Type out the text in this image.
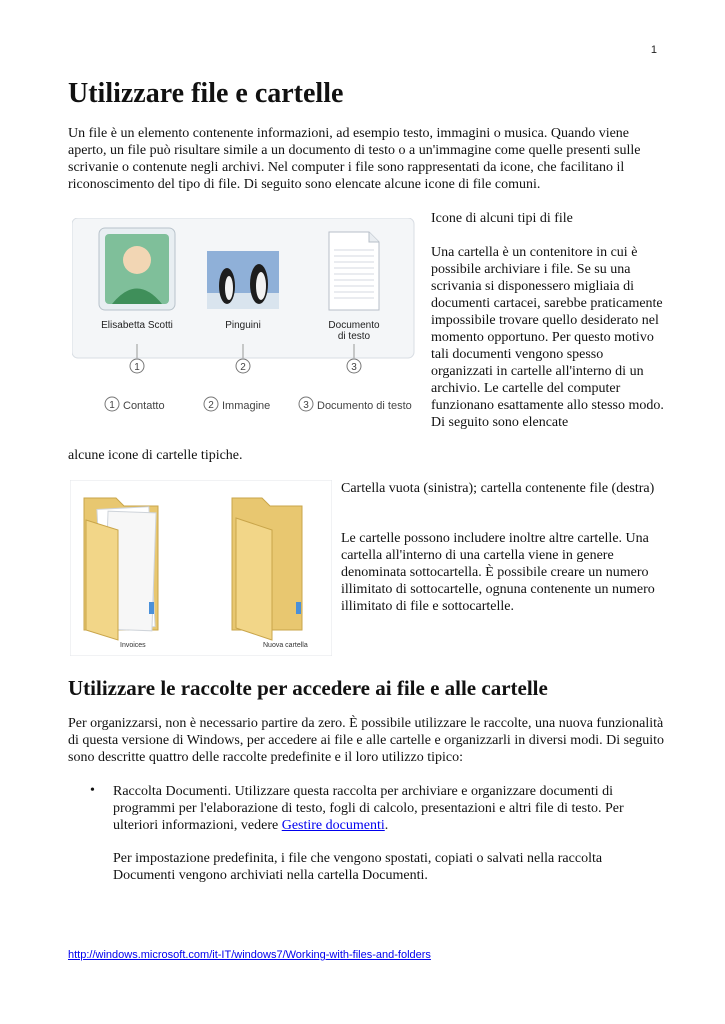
1
Utilizzare file e cartelle

Un file è un elemento contenente informazioni, ad esempio testo, immagini o musica. Quando viene aperto, un file può risultare simile a un documento di testo o a un'immagine come quelle presenti sulle scrivanie o contenute negli archivi. Nel computer i file sono rappresentati da icone, che facilitano il riconoscimento del tipo di file. Di seguito sono elencate alcune icone di file comuni.

Elisabetta Scotti	Pinguini	Documento
di testo
1	2	3
1 Contatto	2 Immagine	3 Documento di testo

Icone di alcuni tipi di file

Una cartella è un contenitore in cui è possibile archiviare i file. Se su una scrivania si disponessero migliaia di documenti cartacei, sarebbe praticamente impossibile trovare quello desiderato nel momento opportuno. Per questo motivo tali documenti vengono spesso organizzati in cartelle all'interno di un archivio. Le cartelle del computer funzionano esattamente allo stesso modo. Di seguito sono elencate

alcune icone di cartelle tipiche.

Invoices	Nuova cartella

Cartella vuota (sinistra); cartella contenente file (destra)

Le cartelle possono includere inoltre altre cartelle. Una cartella all'interno di una cartella viene in genere denominata sottocartella. È possibile creare un numero illimitato di sottocartelle, ognuna contenente un numero illimitato di file e sottocartelle.

Utilizzare le raccolte per accedere ai file e alle cartelle

Per organizzarsi, non è necessario partire da zero. È possibile utilizzare le raccolte, una nuova funzionalità di questa versione di Windows, per accedere ai file e alle cartelle e organizzarli in diversi modi. Di seguito sono descritte quattro delle raccolte predefinite e il loro utilizzo tipico:

• Raccolta Documenti. Utilizzare questa raccolta per archiviare e organizzare documenti di programmi per l'elaborazione di testo, fogli di calcolo, presentazioni e altri file di testo. Per ulteriori informazioni, vedere Gestire documenti.

Per impostazione predefinita, i file che vengono spostati, copiati o salvati nella raccolta Documenti vengono archiviati nella cartella Documenti.

http://windows.microsoft.com/it-IT/windows7/Working-with-files-and-folders
